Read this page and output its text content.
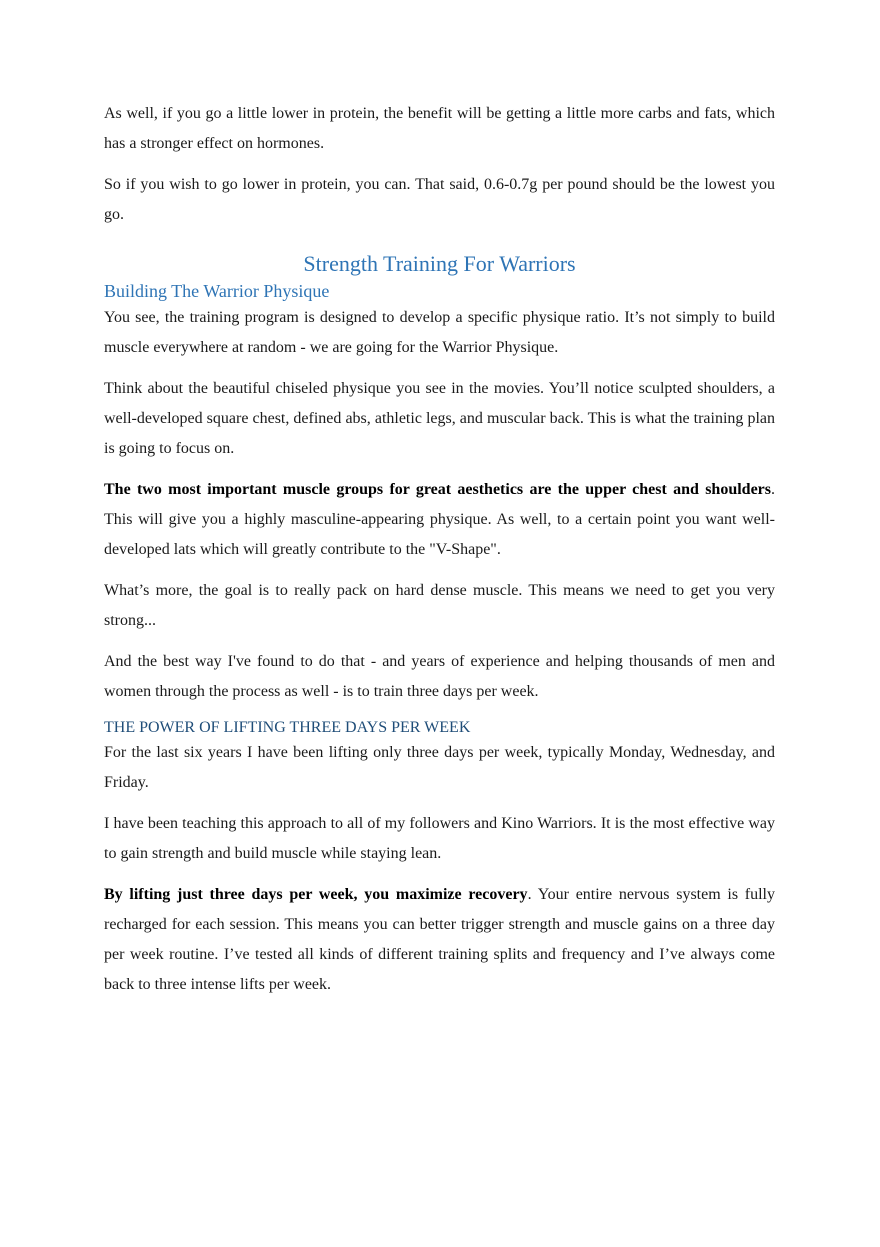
As well, if you go a little lower in protein, the benefit will be getting a little more carbs and fats, which has a stronger effect on hormones.

So if you wish to go lower in protein, you can. That said, 0.6-0.7g per pound should be the lowest you go.

Strength Training For Warriors
Building The Warrior Physique

You see, the training program is designed to develop a specific physique ratio. It’s not simply to build muscle everywhere at random - we are going for the Warrior Physique.

Think about the beautiful chiseled physique you see in the movies. You’ll notice sculpted shoulders, a well-developed square chest, defined abs, athletic legs, and muscular back. This is what the training plan is going to focus on.

The two most important muscle groups for great aesthetics are the upper chest and shoulders. This will give you a highly masculine-appearing physique. As well, to a certain point you want well-developed lats which will greatly contribute to the "V-Shape".

What’s more, the goal is to really pack on hard dense muscle. This means we need to get you very strong...

And the best way I've found to do that - and years of experience and helping thousands of men and women through the process as well - is to train three days per week.

THE POWER OF LIFTING THREE DAYS PER WEEK

For the last six years I have been lifting only three days per week, typically Monday, Wednesday, and Friday.

I have been teaching this approach to all of my followers and Kino Warriors. It is the most effective way to gain strength and build muscle while staying lean.

By lifting just three days per week, you maximize recovery. Your entire nervous system is fully recharged for each session. This means you can better trigger strength and muscle gains on a three day per week routine. I’ve tested all kinds of different training splits and frequency and I’ve always come back to three intense lifts per week.
